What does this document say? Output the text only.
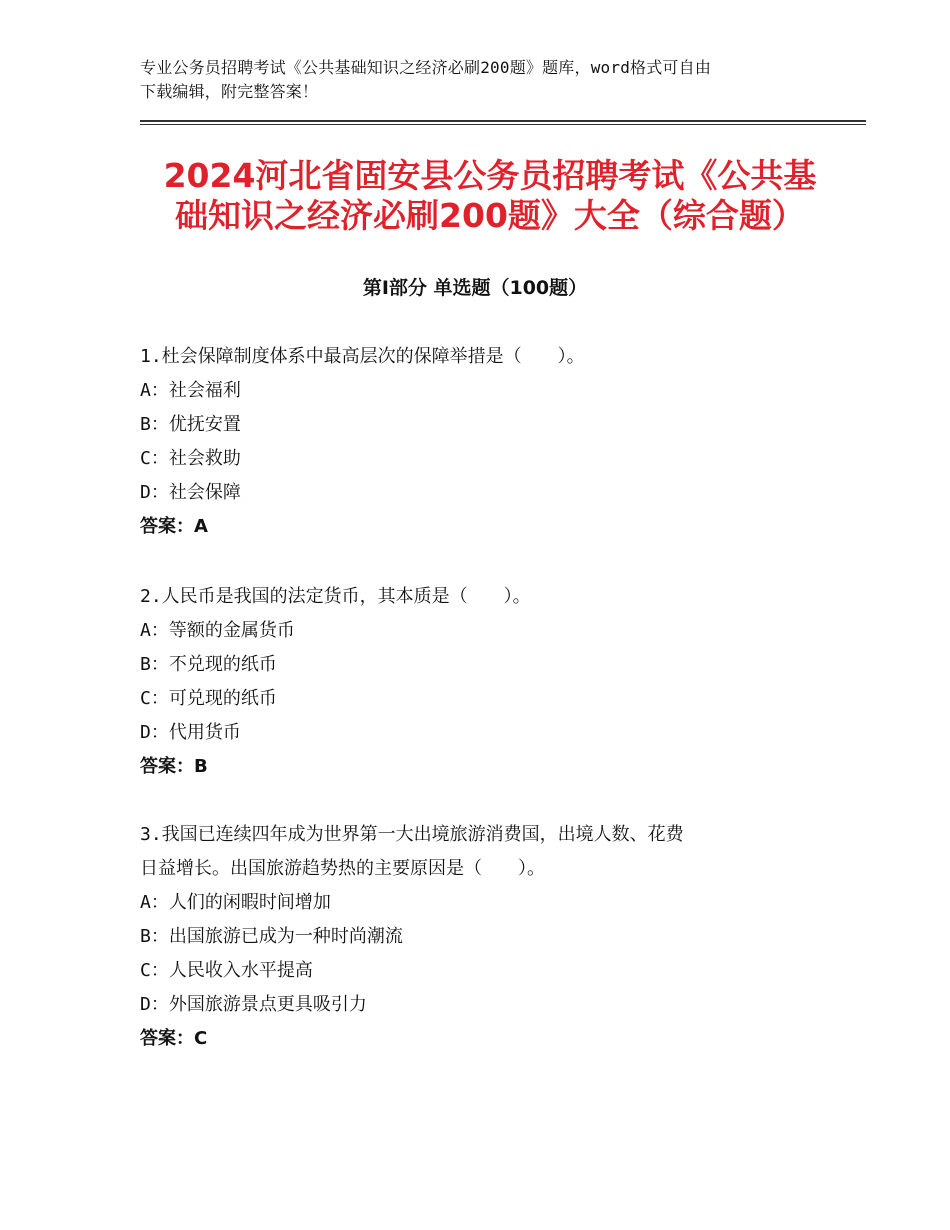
专业公务员招聘考试《公共基础知识之经济必刷200题》题库，word格式可自由
下载编辑，附完整答案！
2024河北省固安县公务员招聘考试《公共基
础知识之经济必刷200题》大全（综合题）
第Ⅰ部分 单选题（100题）
1.杜会保障制度体系中最高层次的保障举措是（　　）。
A：社会福利
B：优抚安置
C：社会救助
D：社会保障
答案：A
2.人民币是我国的法定货币，其本质是（　　）。
A：等额的金属货币
B：不兑现的纸币
C：可兑现的纸币
D：代用货币
答案：B
3.我国已连续四年成为世界第一大出境旅游消费国，出境人数、花费
日益增长。出国旅游趋势热的主要原因是（　　）。
A：人们的闲暇时间增加
B：出国旅游已成为一种时尚潮流
C：人民收入水平提高
D：外国旅游景点更具吸引力
答案：C
